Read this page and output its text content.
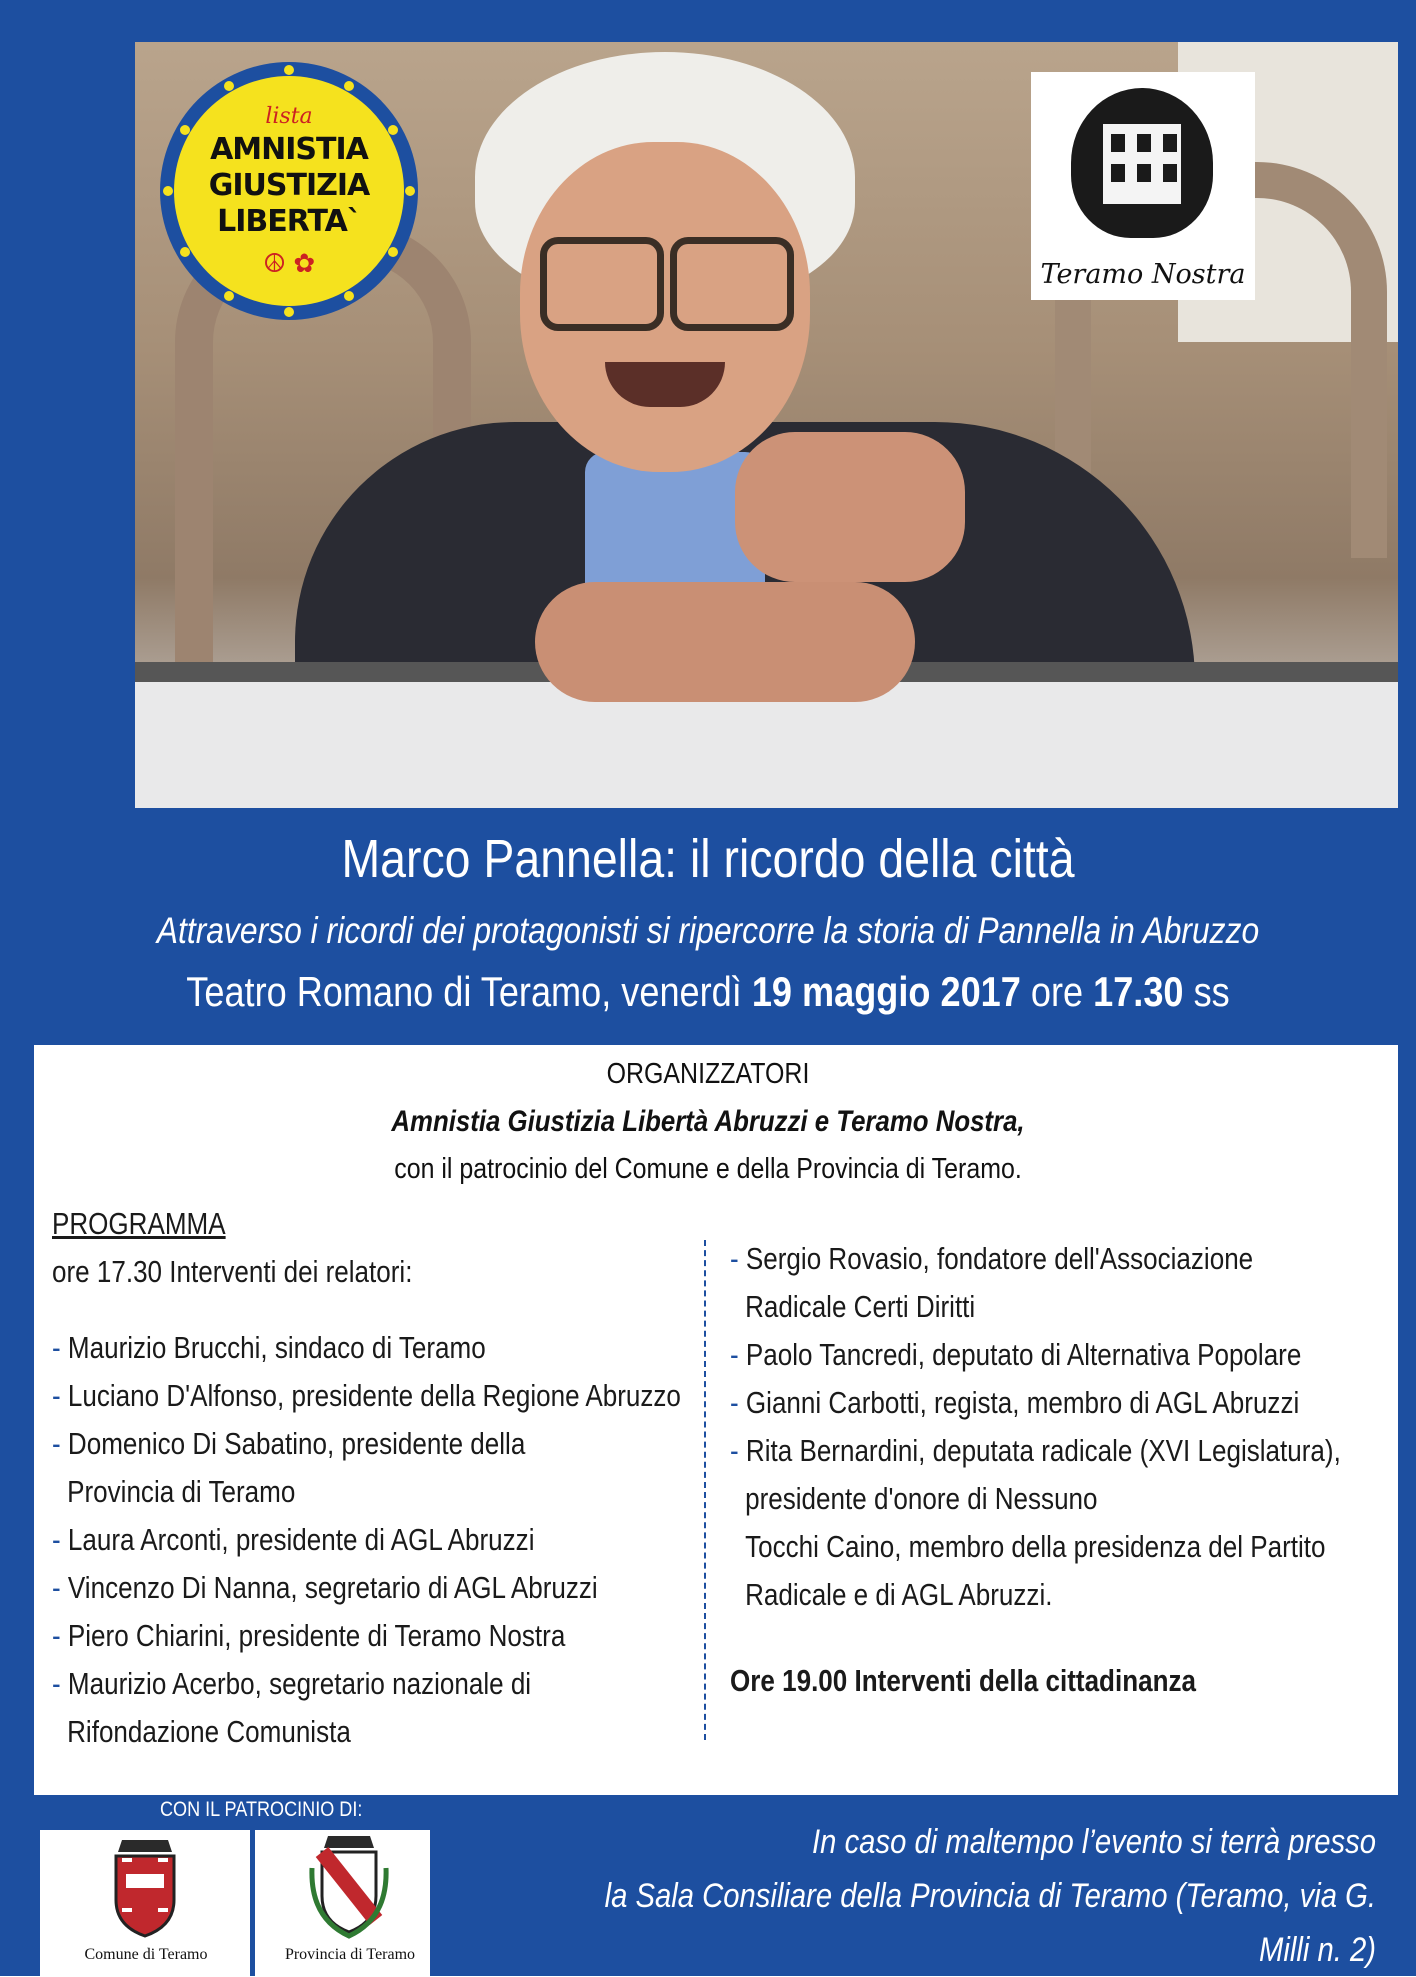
lista
AMNISTIA
GIUSTIZIA
LIBERTA`
☮ ✿	Teramo Nostra
Marco Pannella: il ricordo della città
Attraverso i ricordi dei protagonisti si ripercorre la storia di Pannella in Abruzzo
Teatro Romano di Teramo, venerdì 19 maggio 2017 ore 17.30 ss
ORGANIZZATORI
Amnistia Giustizia Libertà Abruzzi e Teramo Nostra,
con il patrocinio del Comune e della Provincia di Teramo.
PROGRAMMA
ore 17.30 Interventi dei relatori:
- Maurizio Brucchi, sindaco di Teramo
- Luciano D'Alfonso, presidente della Regione Abruzzo
- Domenico Di Sabatino, presidente della
Provincia di Teramo
- Laura Arconti, presidente di AGL Abruzzi
- Vincenzo Di Nanna, segretario di AGL Abruzzi
- Piero Chiarini, presidente di Teramo Nostra
- Maurizio Acerbo, segretario nazionale di
Rifondazione Comunista
- Sergio Rovasio, fondatore dell'Associazione
Radicale Certi Diritti
- Paolo Tancredi, deputato di Alternativa Popolare
- Gianni Carbotti, regista, membro di AGL Abruzzi
- Rita Bernardini, deputata radicale (XVI Legislatura),
presidente d'onore di Nessuno
Tocchi Caino, membro della presidenza del Partito
Radicale e di AGL Abruzzi.
Ore 19.00 Interventi della cittadinanza
CON IL PATROCINIO DI:
Comune di Teramo	Provincia di Teramo
In caso di maltempo l’evento si terrà presso
la Sala Consiliare della Provincia di Teramo (Teramo, via G. Milli n. 2)
